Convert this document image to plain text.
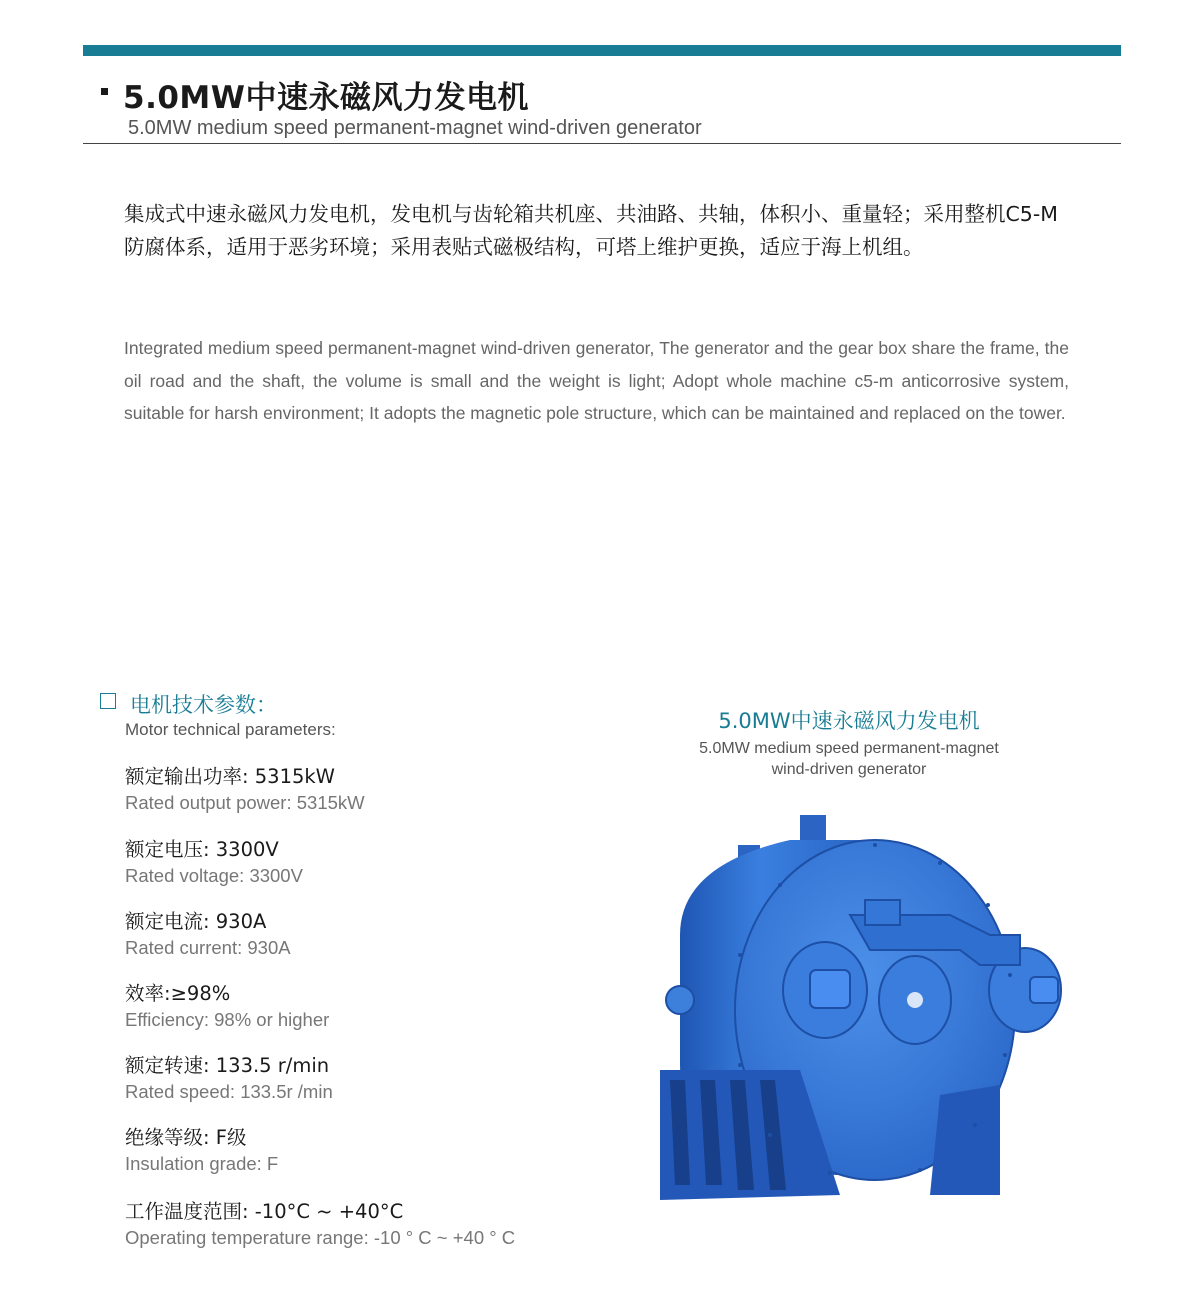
5.0MW中速永磁风力发电机
5.0MW medium speed permanent-magnet wind-driven generator
集成式中速永磁风力发电机，发电机与齿轮箱共机座、共油路、共轴，体积小、重量轻；采用整机C5-M防腐体系，适用于恶劣环境；采用表贴式磁极结构，可塔上维护更换，适应于海上机组。
Integrated medium speed permanent-magnet wind-driven generator, The generator and the gear box share the frame, the oil road and the shaft, the volume is small and the weight is light; Adopt whole machine c5-m anticorrosive system, suitable for harsh environment; It adopts the magnetic pole structure, which can be maintained and replaced on the tower.
电机技术参数：
Motor technical parameters:
额定输出功率: 5315kW
Rated output power: 5315kW
额定电压: 3300V
Rated voltage: 3300V
额定电流: 930A
Rated current: 930A
效率:≥98%
Efficiency: 98% or higher
额定转速: 133.5 r/min
Rated speed: 133.5r /min
绝缘等级: F级
Insulation grade: F
工作温度范围: -10°C ~ +40°C
Operating temperature range: -10 ° C ~ +40 ° C
5.0MW中速永磁风力发电机
5.0MW medium speed permanent-magnet
wind-driven generator
